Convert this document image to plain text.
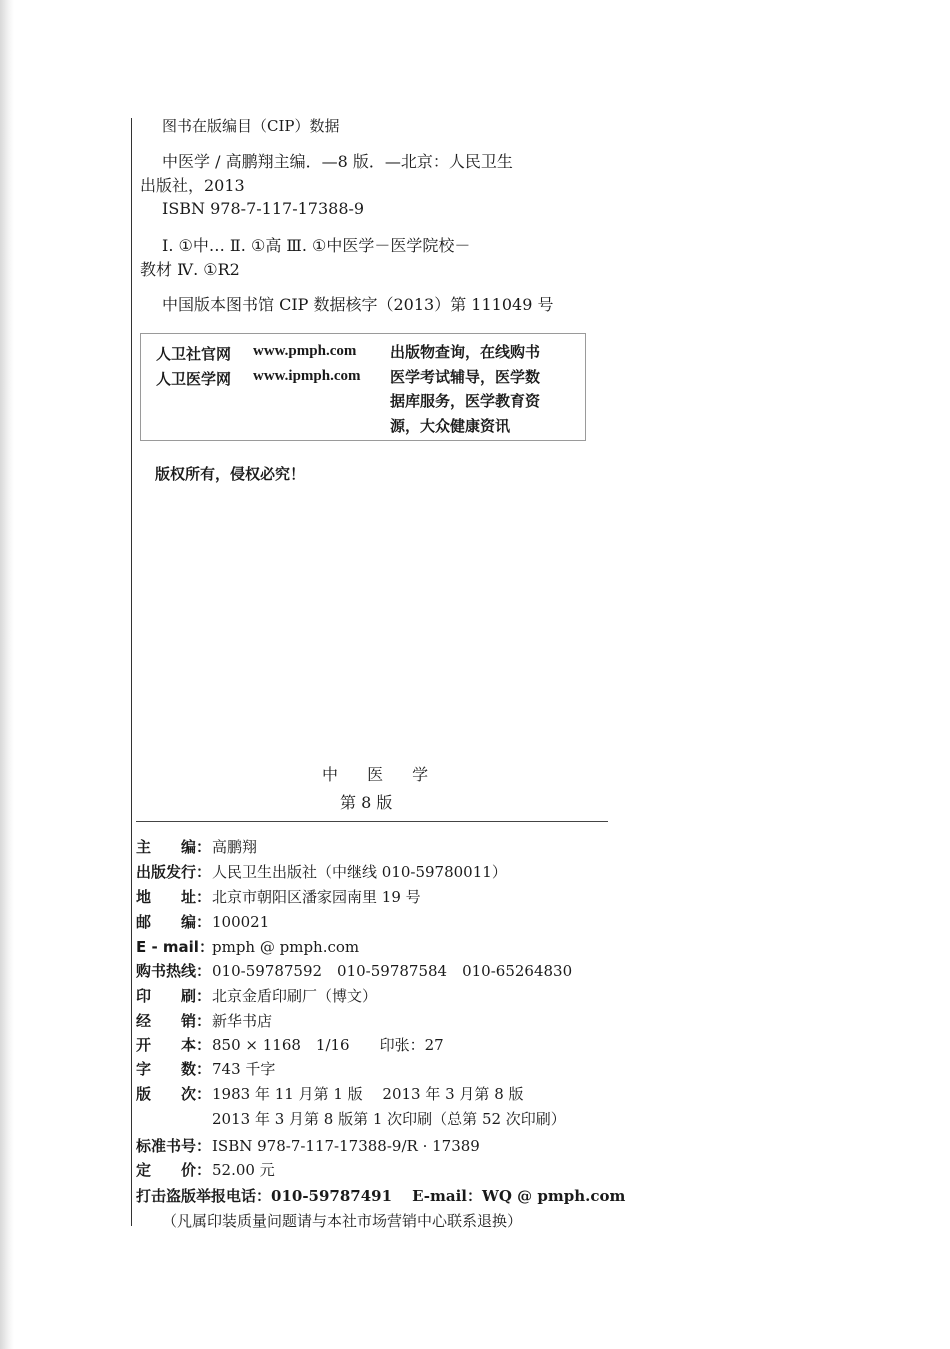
图书在版编目（CIP）数据
中医学 / 高鹏翔主编．—8 版．—北京：人民卫生
出版社，2013
ISBN 978-7-117-17388-9
Ⅰ. ①中… Ⅱ. ①高 Ⅲ. ①中医学－医学院校－
教材 Ⅳ. ①R2
中国版本图书馆 CIP 数据核字（2013）第 111049 号
人卫社官网 www.pmph.com
人卫医学网 www.ipmph.com
出版物查询，在线购书
医学考试辅导，医学数
据库服务，医学教育资
源，大众健康资讯
版权所有，侵权必究！
中 医 学
第 8 版
主　　编：高鹏翔
出版发行：人民卫生出版社（中继线 010-59780011）
地　　址：北京市朝阳区潘家园南里 19 号
邮　　编：100021
E - mail：pmph @ pmph.com
购书热线：010-59787592　010-59787584　010-65264830
印　　刷：北京金盾印刷厂（博文）
经　　销：新华书店
开　　本：850 × 1168　1/16　　印张：27
字　　数：743 千字
版　　次：1983 年 11 月第 1 版　 2013 年 3 月第 8 版
2013 年 3 月第 8 版第 1 次印刷（总第 52 次印刷）
标准书号：ISBN 978-7-117-17388-9/R · 17389
定　　价：52.00 元
打击盗版举报电话：010-59787491 E-mail：WQ @ pmph.com
（凡属印装质量问题请与本社市场营销中心联系退换）
